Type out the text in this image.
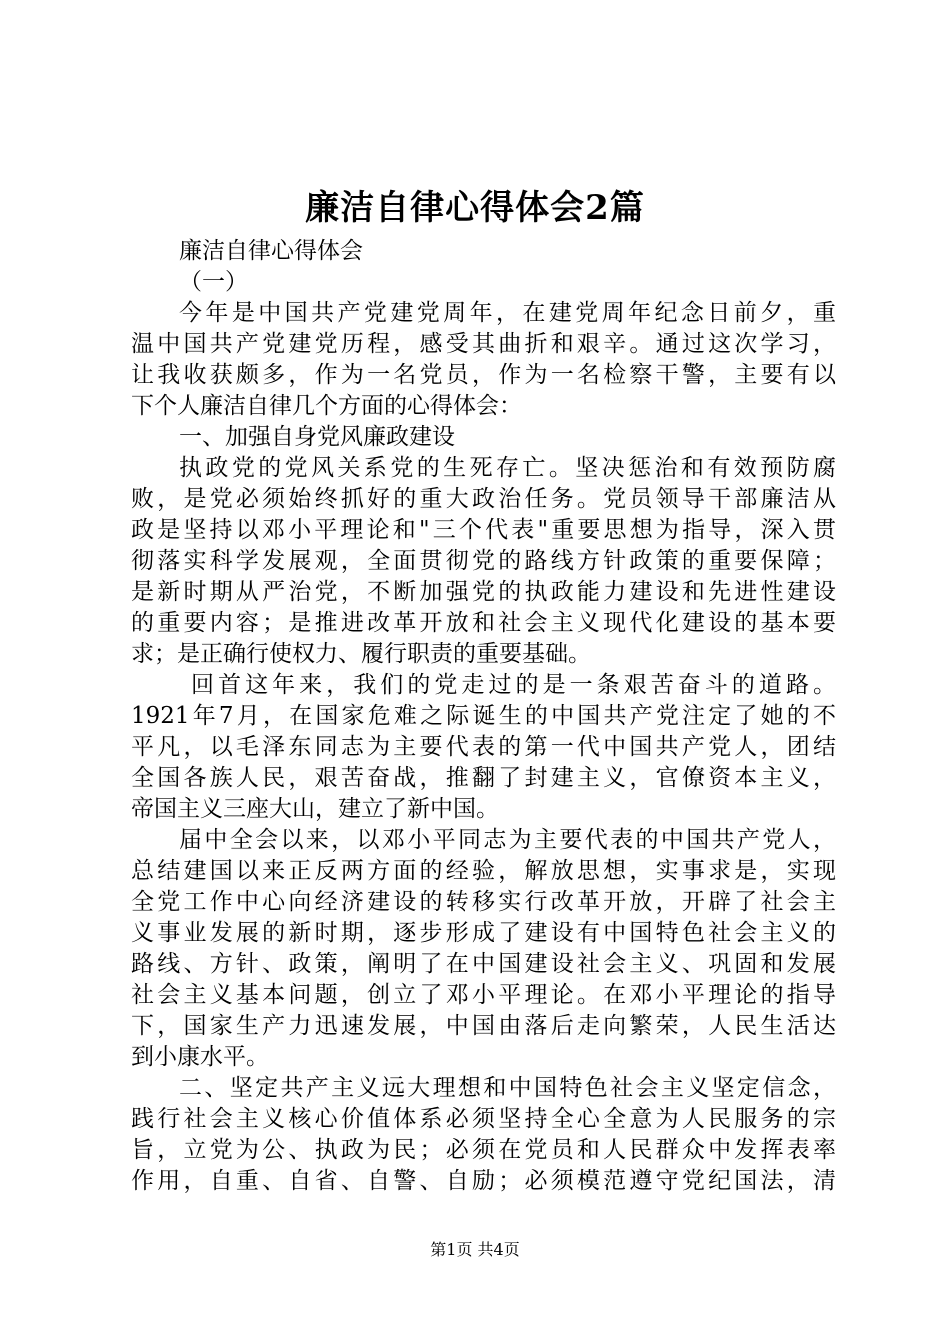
廉洁自律心得体会2篇
廉洁自律心得体会
（一）
今年是中国共产党建党周年，在建党周年纪念日前夕，重
温中国共产党建党历程，感受其曲折和艰辛。通过这次学习，
让我收获颇多，作为一名党员，作为一名检察干警，主要有以
下个人廉洁自律几个方面的心得体会：
一、加强自身党风廉政建设
执政党的党风关系党的生死存亡。坚决惩治和有效预防腐
败，是党必须始终抓好的重大政治任务。党员领导干部廉洁从
政是坚持以邓小平理论和"三个代表"重要思想为指导，深入贯
彻落实科学发展观，全面贯彻党的路线方针政策的重要保障；
是新时期从严治党，不断加强党的执政能力建设和先进性建设
的重要内容；是推进改革开放和社会主义现代化建设的基本要
求；是正确行使权力、履行职责的重要基础。
回首这年来，我们的党走过的是一条艰苦奋斗的道路。
1921年7月，在国家危难之际诞生的中国共产党注定了她的不
平凡，以毛泽东同志为主要代表的第一代中国共产党人，团结
全国各族人民，艰苦奋战，推翻了封建主义，官僚资本主义，
帝国主义三座大山，建立了新中国。
届中全会以来，以邓小平同志为主要代表的中国共产党人，
总结建国以来正反两方面的经验，解放思想，实事求是，实现
全党工作中心向经济建设的转移实行改革开放，开辟了社会主
义事业发展的新时期，逐步形成了建设有中国特色社会主义的
路线、方针、政策，阐明了在中国建设社会主义、巩固和发展
社会主义基本问题，创立了邓小平理论。在邓小平理论的指导
下，国家生产力迅速发展，中国由落后走向繁荣，人民生活达
到小康水平。
二、坚定共产主义远大理想和中国特色社会主义坚定信念，
践行社会主义核心价值体系必须坚持全心全意为人民服务的宗
旨，立党为公、执政为民；必须在党员和人民群众中发挥表率
作用，自重、自省、自警、自励；必须模范遵守党纪国法，清
第1页 共4页
